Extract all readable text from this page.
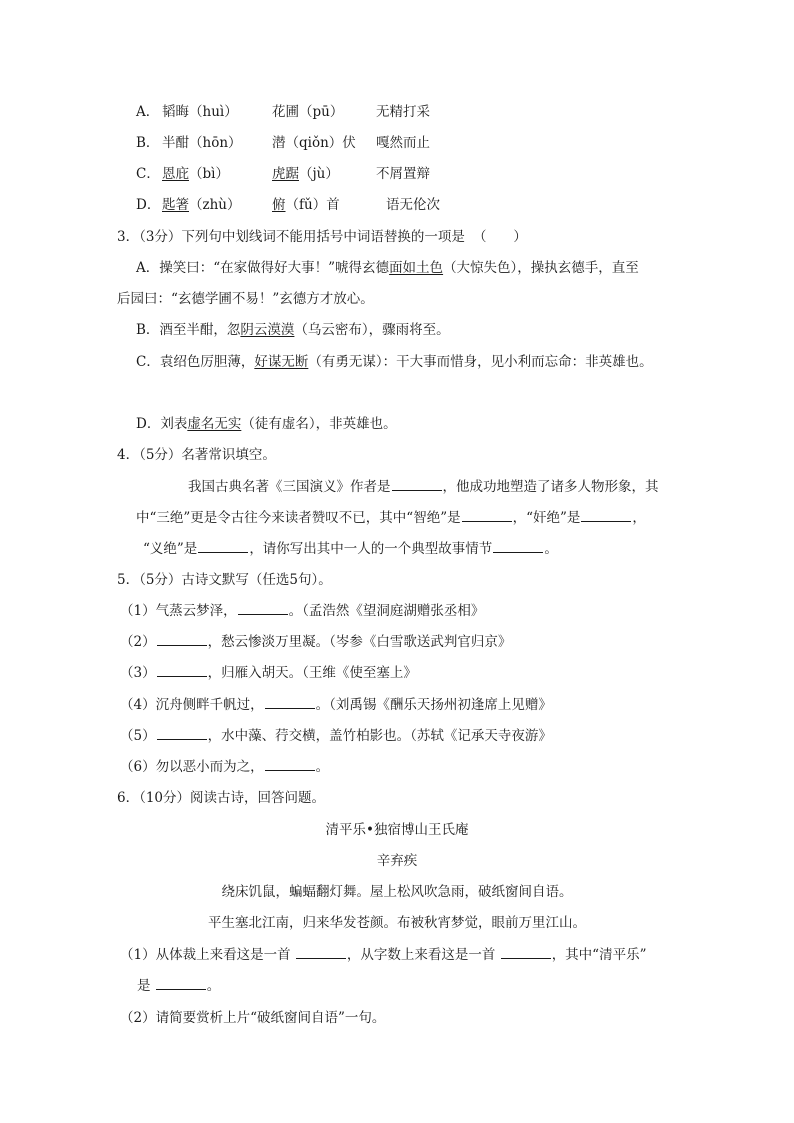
A． 韬晦（huì）	花圃（pū） 无精打采
B． 半酣（hōn） 潜（qiǒn）伏 嘎然而止
C． 恩庇（bì）	虎踞（jù）	不屑置辩
D． 匙箸（zhù） 俯（fǔ）首	语无伦次
3．（3分）下列句中划线词不能用括号中词语替换的一项是 （　　）
A．操笑曰：“在家做得好大事！”唬得玄德面如土色（大惊失色），操执玄德手，直至
后园曰：“玄德学圃不易！”玄德方才放心。
B．酒至半酣，忽阴云漠漠（乌云密布），骤雨将至。
C．袁绍色厉胆薄，好谋无断（有勇无谋）：干大事而惜身，见小利而忘命：非英雄也。
D．刘表虚名无实（徒有虚名），非英雄也。
4．（5分）名著常识填空。
我国古典名著《三国演义》作者是	，他成功地塑造了诸多人物形象，其
中“三绝”更是令古往今来读者赞叹不已，其中“智绝”是	，“奸绝”是	，
“义绝”是	，请你写出其中一人的一个典型故事情节	。
5．（5分）古诗文默写（任选5句）。
（1）气蒸云梦泽，	。（孟浩然《望洞庭湖赠张丞相》
（2）	，愁云惨淡万里凝。（岑参《白雪歌送武判官归京》
（3）	，归雁入胡天。（王维《使至塞上》
（4）沉舟侧畔千帆过，	。（刘禹锡《酬乐天扬州初逢席上见赠》
（5）	，水中藻、荇交横，盖竹柏影也。（苏轼《记承天寺夜游》
（6）勿以恶小而为之，	。
6．（10分）阅读古诗，回答问题。
清平乐•独宿博山王氏庵
辛弃疾
绕床饥鼠，蝙蝠翻灯舞。屋上松风吹急雨，破纸窗间自语。
平生塞北江南，归来华发苍颜。布被秋宵梦觉，眼前万里江山。
（1）从体裁上来看这是一首	，从字数上来看这是一首	，其中“清平乐”
是	。
（2）请简要赏析上片“破纸窗间自语”一句。
